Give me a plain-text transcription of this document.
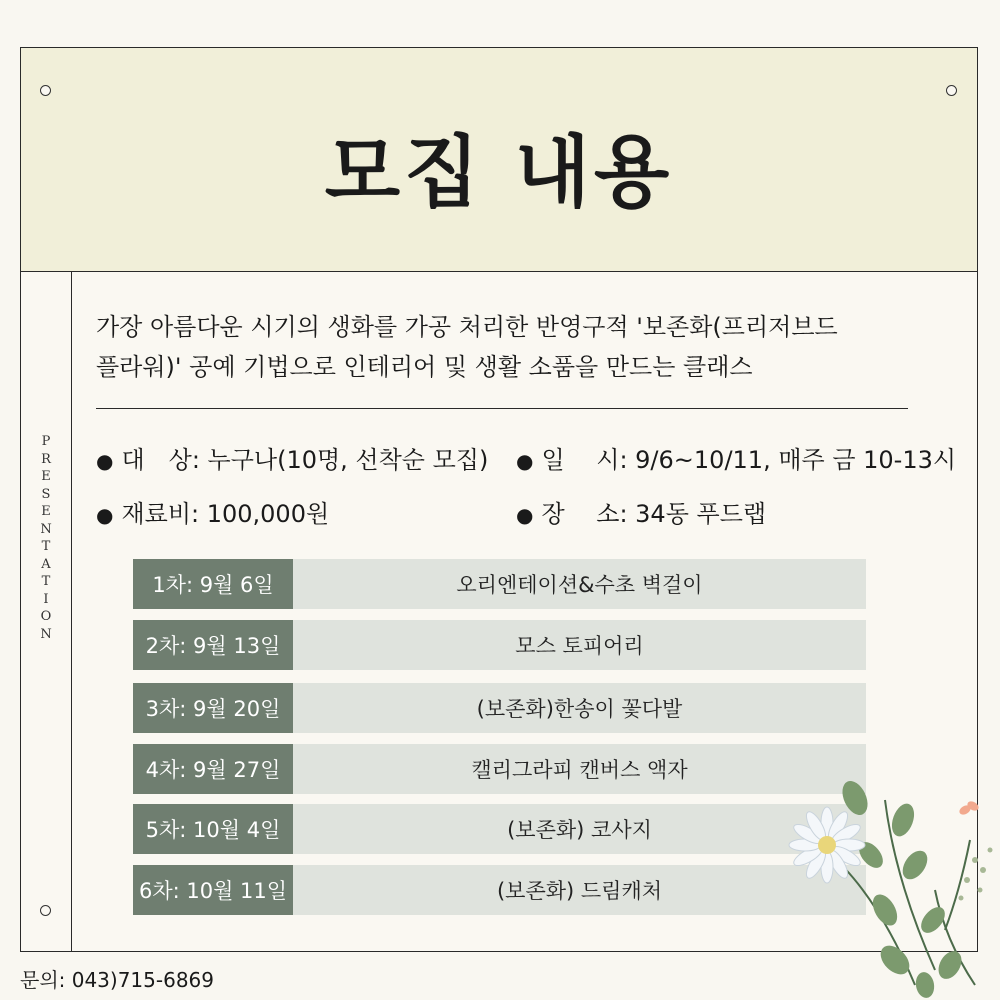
모집 내용
P
R
E
S
E
N
T
A
T
I
O
N
가장 아름다운 시기의 생화를 가공 처리한 반영구적 '보존화(프리저브드
플라워)' 공예 기법으로 인테리어 및 생활 소품을 만드는 클래스
● 대　상: 누구나(10명, 선착순 모집) ● 일　 시: 9/6~10/11, 매주 금 10-13시
● 재료비: 100,000원	● 장　 소: 34동 푸드랩
1차: 9월 6일	오리엔테이션&수초 벽걸이
2차: 9월 13일	모스 토피어리
3차: 9월 20일	(보존화)한송이 꽃다발
4차: 9월 27일	캘리그라피 캔버스 액자
5차: 10월 4일	(보존화) 코사지
6차: 10월 11일	(보존화) 드림캐처
문의: 043)715-6869
